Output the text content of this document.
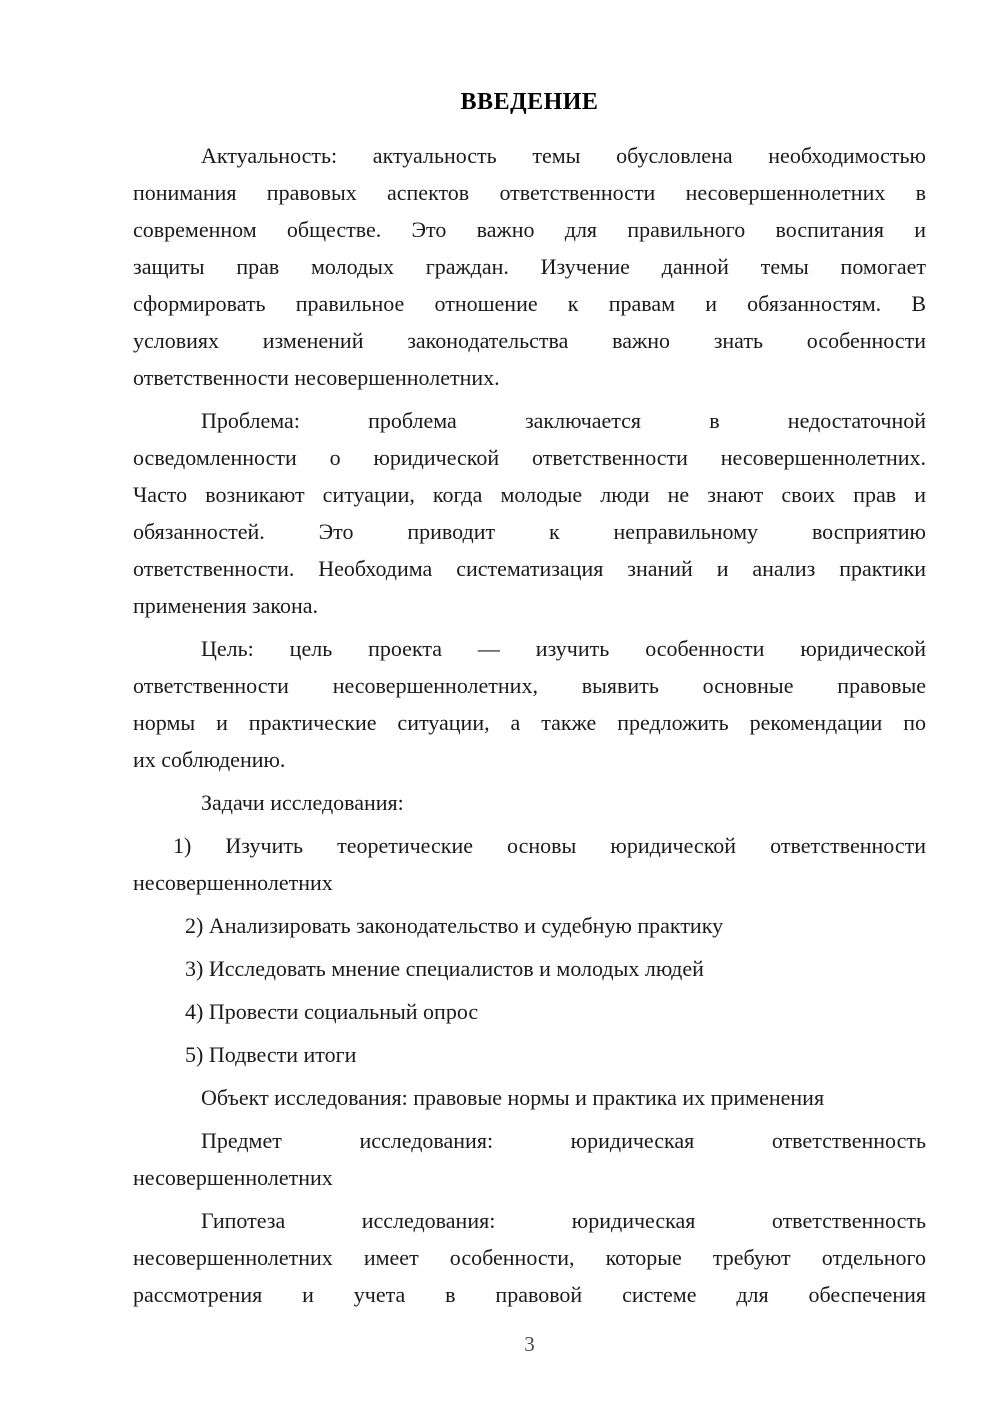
ВВЕДЕНИЕ
Актуальность: актуальность темы обусловлена необходимостью
понимания правовых аспектов ответственности несовершеннолетних в
современном обществе. Это важно для правильного воспитания и
защиты прав молодых граждан. Изучение данной темы помогает
сформировать правильное отношение к правам и обязанностям. В
условиях изменений законодательства важно знать особенности
ответственности несовершеннолетних.
Проблема: проблема заключается в недостаточной
осведомленности о юридической ответственности несовершеннолетних.
Часто возникают ситуации, когда молодые люди не знают своих прав и
обязанностей. Это приводит к неправильному восприятию
ответственности. Необходима систематизация знаний и анализ практики
применения закона.
Цель: цель проекта — изучить особенности юридической
ответственности несовершеннолетних, выявить основные правовые
нормы и практические ситуации, а также предложить рекомендации по
их соблюдению.
Задачи исследования:
1) Изучить теоретические основы юридической ответственности
несовершеннолетних
2) Анализировать законодательство и судебную практику
3) Исследовать мнение специалистов и молодых людей
4) Провести социальный опрос
5) Подвести итоги
Объект исследования: правовые нормы и практика их применения
Предмет исследования: юридическая ответственность
несовершеннолетних
Гипотеза исследования: юридическая ответственность
несовершеннолетних имеет особенности, которые требуют отдельного
рассмотрения и учета в правовой системе для обеспечения
3
